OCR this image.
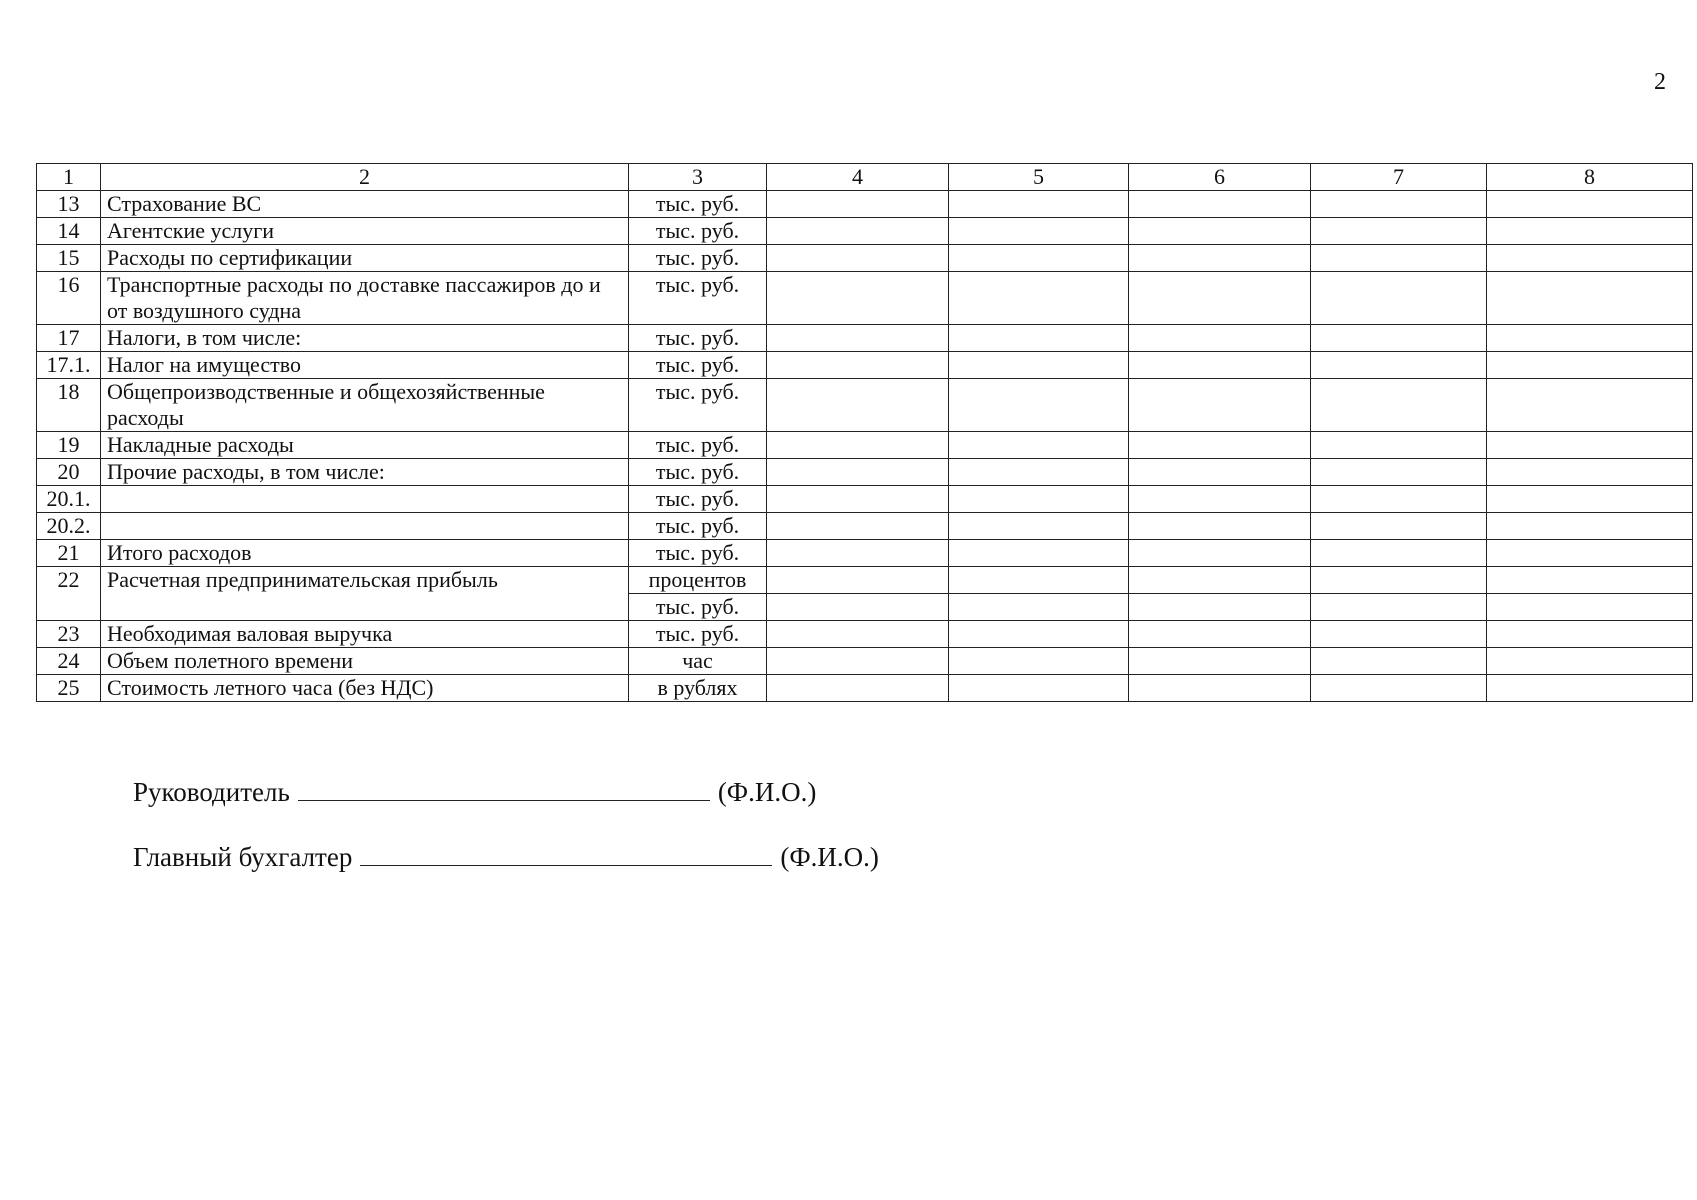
2
1	2	3	4	5	6	7	8
13	Страхование ВС	тыс. руб.					
14	Агентские услуги	тыс. руб.					
15	Расходы по сертификации	тыс. руб.					
16	Транспортные расходы по доставке пассажиров до и от воздушного судна	тыс. руб.					
17	Налоги, в том числе:	тыс. руб.					
17.1.	Налог на имущество	тыс. руб.					
18	Общепроизводственные и общехозяйственные расходы	тыс. руб.					
19	Накладные расходы	тыс. руб.					
20	Прочие расходы, в том числе:	тыс. руб.					
20.1.		тыс. руб.					
20.2.		тыс. руб.					
21	Итого расходов	тыс. руб.					
22	Расчетная предпринимательская прибыль	процентов					
		тыс. руб.					
23	Необходимая валовая выручка	тыс. руб.					
24	Объем полетного времени	час					
25	Стоимость летного часа (без НДС)	в рублях					
Руководитель	(Ф.И.О.)
Главный бухгалтер	(Ф.И.О.)
